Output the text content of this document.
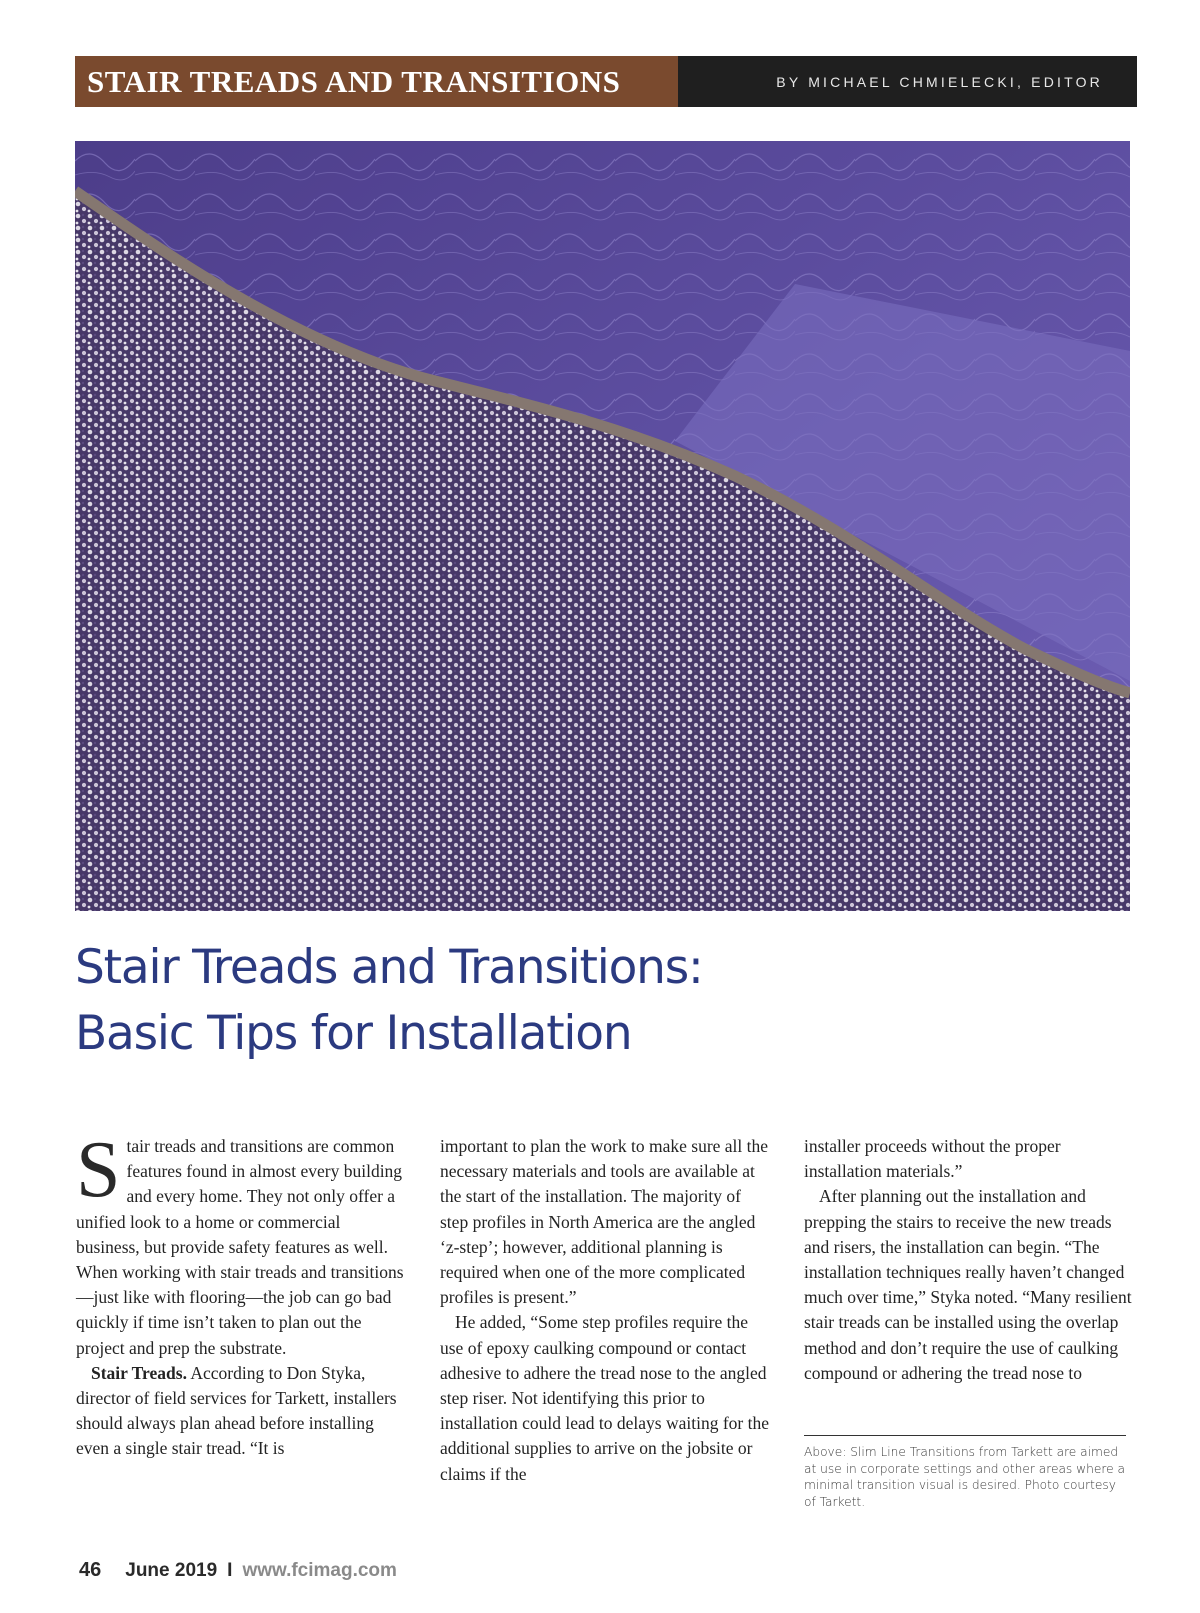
STAIR TREADS AND TRANSITIONS	BY MICHAEL CHMIELECKI, EDITOR
Stair Treads and Transitions:
Basic Tips for Installation

Stair treads and transitions are common features found in almost every building and every home. They not only offer a unified look to a home or commercial business, but provide safety features as well. When working with stair treads and transitions—just like with flooring—the job can go bad quickly if time isn’t taken to plan out the project and prep the substrate.

Stair Treads. According to Don Styka, director of field services for Tarkett, installers should always plan ahead before installing even a single stair tread. “It is

important to plan the work to make sure all the necessary materials and tools are available at the start of the installation. The majority of step profiles in North America are the angled ‘z-step’; however, additional planning is required when one of the more complicated profiles is present.”

He added, “Some step profiles require the use of epoxy caulking compound or contact adhesive to adhere the tread nose to the angled step riser. Not identifying this prior to installation could lead to delays waiting for the additional supplies to arrive on the jobsite or claims if the

installer proceeds without the proper installation materials.”

After planning out the installation and prepping the stairs to receive the new treads and risers, the installation can begin. “The installation techniques really haven’t changed much over time,” Styka noted. “Many resilient stair treads can be installed using the overlap method and don’t require the use of caulking compound or adhering the tread nose to

Above: Slim Line Transitions from Tarkett are aimed at use in corporate settings and other areas where a minimal transition visual is desired. Photo courtesy of Tarkett.

46 June 2019 I www.fcimag.com
